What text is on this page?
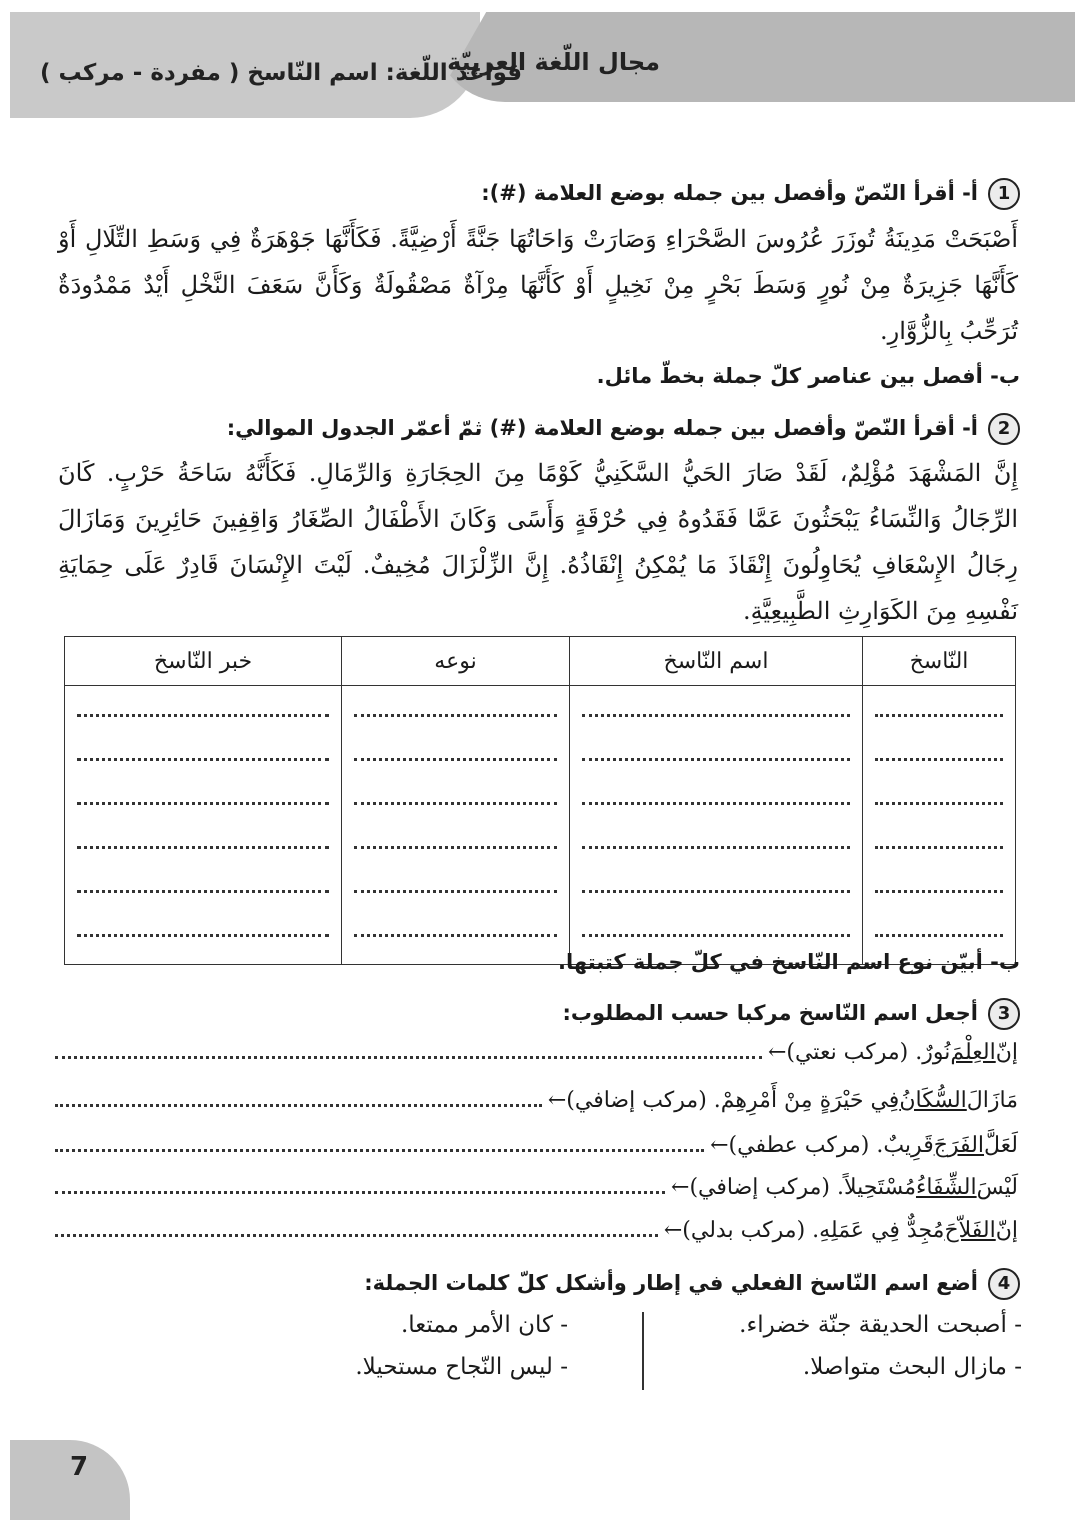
قواعد اللّغة: اسم النّاسخ ( مفردة - مركب )
مجال اللّغة العربيّة
1أ- أقرأ النّصّ وأفصل بين جمله بوضع العلامة (#):
أَصْبَحَتْ مَدِينَةُ تُوزَرَ عُرُوسَ الصَّحْرَاءِ وَصَارَتْ وَاحَاتُهَا جَنَّةً أَرْضِيَّةً. فَكَأَنَّهَا جَوْهَرَةٌ فِي وَسَطِ التِّلَالِ أَوْ كَأَنَّهَا جَزِيرَةٌ مِنْ نُورٍ وَسَطَ بَحْرٍ مِنْ نَخِيلٍ أَوْ كَأَنَّهَا مِرْآةٌ مَصْقُولَةٌ وَكَأَنَّ سَعَفَ النَّخْلِ أَيْدٌ مَمْدُودَةٌ تُرَحِّبُ بِالزُّوَّارِ.
ب- أفصل بين عناصر كلّ جملة بخطّ مائل.
2أ- أقرأ النّصّ وأفصل بين جمله بوضع العلامة (#) ثمّ أعمّر الجدول الموالي:
إِنَّ المَشْهَدَ مُؤْلِمٌ، لَقَدْ صَارَ الحَيُّ السَّكَنِيُّ كَوْمًا مِنَ الحِجَارَةِ وَالرِّمَالِ. فَكَأَنَّهُ سَاحَةُ حَرْبٍ. كَانَ الرِّجَالُ وَالنِّسَاءُ يَبْحَثُونَ عَمَّا فَقَدُوهُ فِي حُرْقَةٍ وَأَسًى وَكَانَ الأَطْفَالُ الصِّغَارُ وَاقِفِينَ حَائِرِينَ وَمَازَالَ رِجَالُ الإِسْعَافِ يُحَاوِلُونَ إِنْقَاذَ مَا يُمْكِنُ إِنْقَاذُهُ. إِنَّ الزِّلْزَالَ مُخِيفٌ. لَيْتَ الإِنْسَانَ قَادِرٌ عَلَى حِمَايَةِ نَفْسِهِ مِنَ الكَوَارِثِ الطَّبِيعِيَّةِ.
النّاسخ	اسم النّاسخ	نوعه	خبر النّاسخ

ب- أبيّن نوع اسم النّاسخ في كلّ جملة كتبتها.
3أجعل اسم النّاسخ مركبا حسب المطلوب:
إنّ
العِلْمَ
نُورٌ. (مركب نعتي)
←
مَازَالَ
السُّكَانُ
فِي حَيْرَةٍ مِنْ أَمْرِهِمْ. (مركب إضافي)
←
لَعَلَّ
الفَرَجَ
قَرِيبٌ. (مركب عطفي)
←
لَيْسَ
الشِّفَاءُ
مُسْتَحِيلاً. (مركب إضافي)
←
إنّ
الفَلاّحَ
مُجِدٌّ فِي عَمَلِهِ. (مركب بدلي)
←
4أضع اسم النّاسخ الفعلي في إطار وأشكل كلّ كلمات الجملة:
- أصبحت الحديقة جنّة خضراء.
- مازال البحث متواصلا.
- كان الأمر ممتعا.
- ليس النّجاح مستحيلا.
7
